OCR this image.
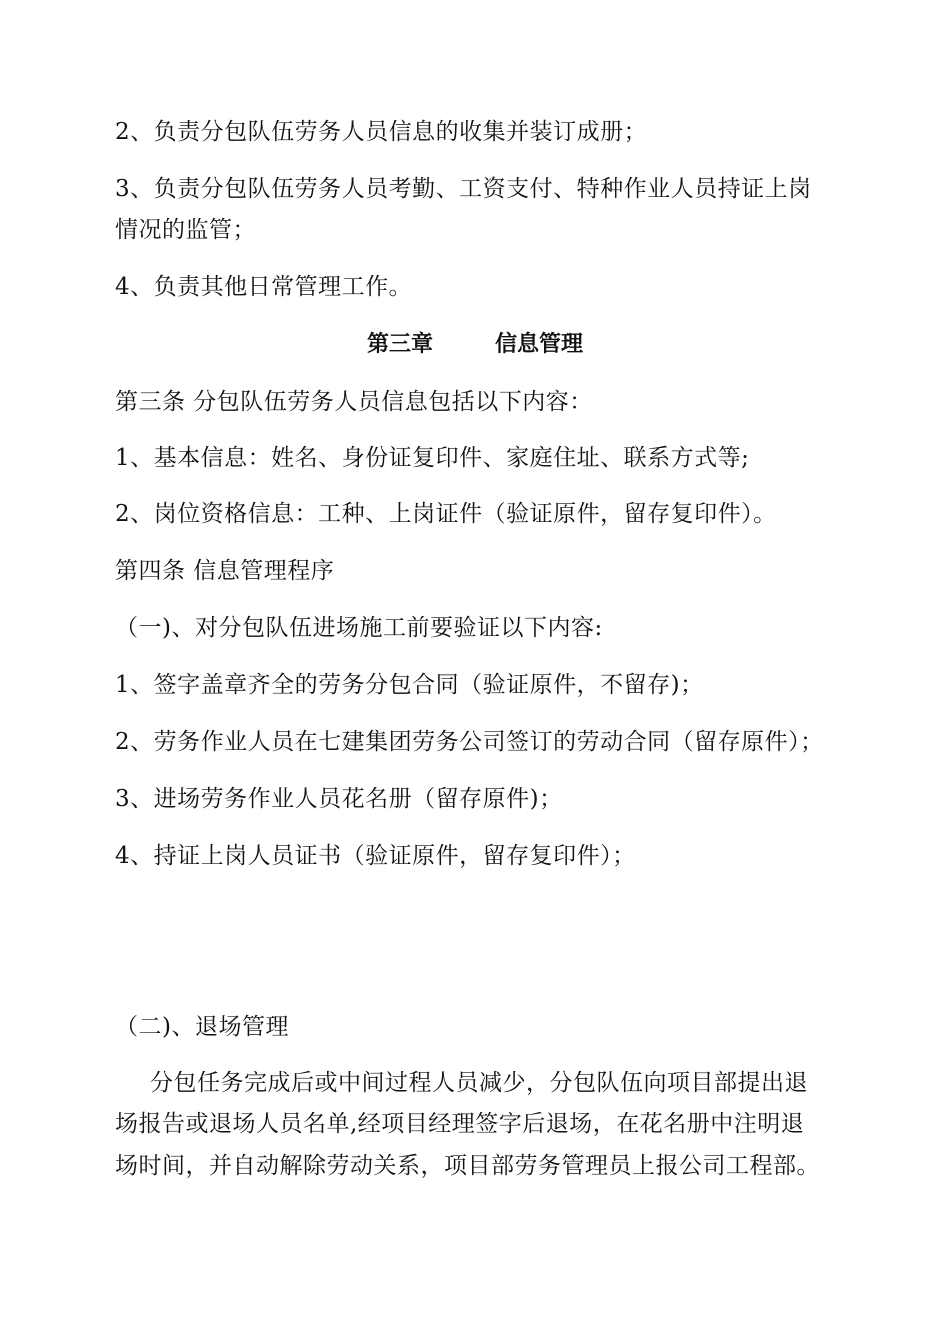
2、负责分包队伍劳务人员信息的收集并装订成册；
3、负责分包队伍劳务人员考勤、工资支付、特种作业人员持证上岗
情况的监管；
4、负责其他日常管理工作。
第三章	信息管理
第三条 分包队伍劳务人员信息包括以下内容：
1、基本信息：姓名、身份证复印件、家庭住址、联系方式等;
2、岗位资格信息：工种、上岗证件（验证原件，留存复印件）。
第四条 信息管理程序
（一)、对分包队伍进场施工前要验证以下内容:
1、签字盖章齐全的劳务分包合同（验证原件，不留存)；
2、劳务作业人员在七建集团劳务公司签订的劳动合同（留存原件）；
3、进场劳务作业人员花名册（留存原件)；
4、持证上岗人员证书（验证原件，留存复印件）；
（二)、退场管理
分包任务完成后或中间过程人员减少，分包队伍向项目部提出退
场报告或退场人员名单,经项目经理签字后退场，在花名册中注明退
场时间，并自动解除劳动关系，项目部劳务管理员上报公司工程部。
